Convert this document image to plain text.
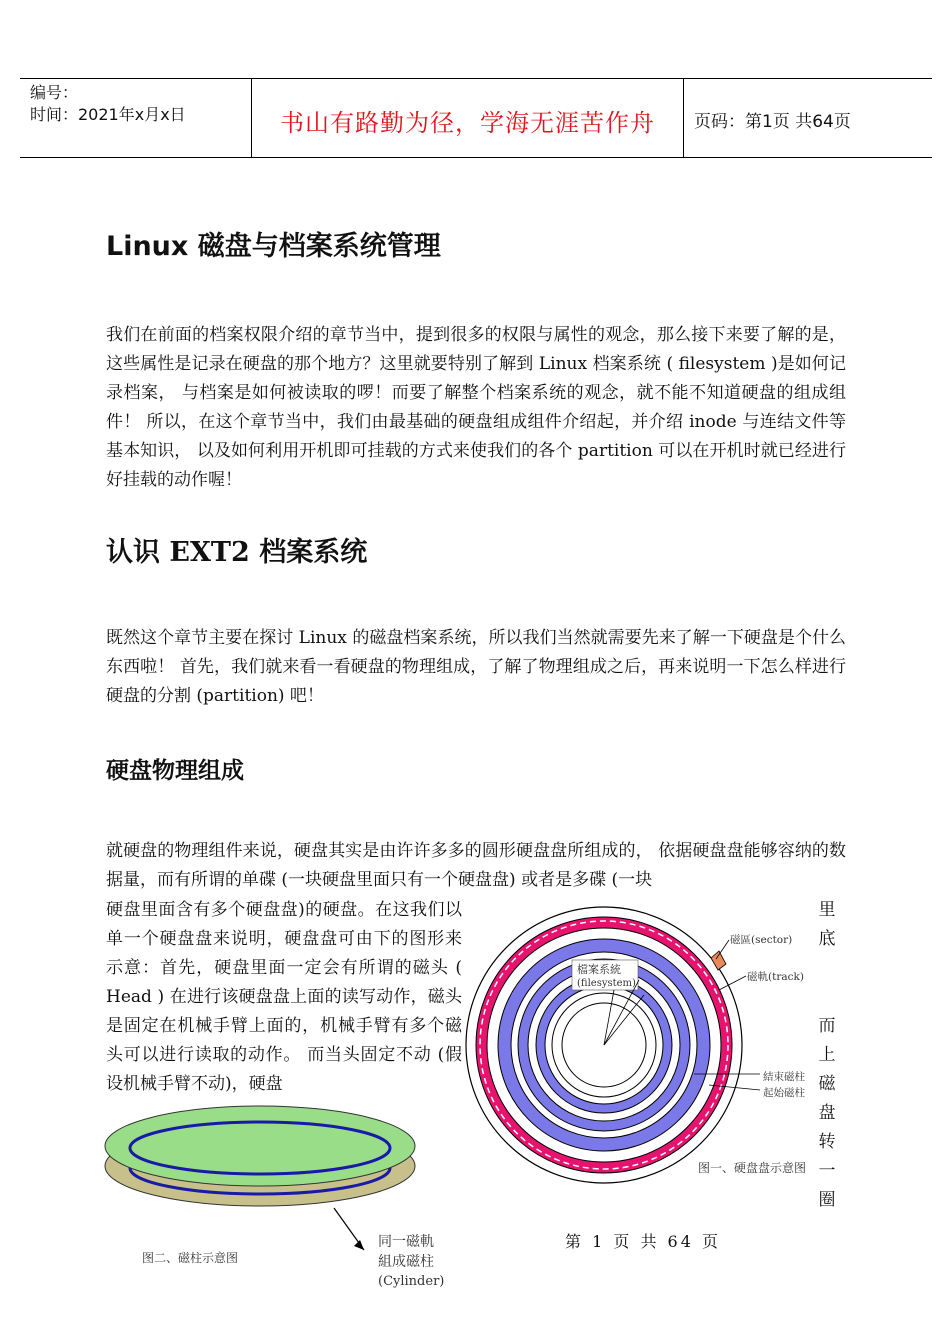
编号：
时间：2021年x月x日	书山有路勤为径，学海无涯苦作舟	页码：第1页 共64页
Linux 磁盘与档案系统管理
我们在前面的档案权限介绍的章节当中，提到很多的权限与属性的观念，那么接下来要了解的是， 这些属性是记录在硬盘的那个地方？这里就要特别了解到 Linux 档案系统 ( filesystem )是如何记录档案， 与档案是如何被读取的啰！而要了解整个档案系统的观念，就不能不知道硬盘的组成组件！ 所以，在这个章节当中，我们由最基础的硬盘组成组件介绍起，并介绍 inode 与连结文件等基本知识， 以及如何利用开机即可挂载的方式来使我们的各个 partition 可以在开机时就已经进行好挂载的动作喔！
认识 EXT2 档案系统
既然这个章节主要在探讨 Linux 的磁盘档案系统，所以我们当然就需要先来了解一下硬盘是个什么东西啦！ 首先，我们就来看一看硬盘的物理组成，了解了物理组成之后，再来说明一下怎么样进行硬盘的分割 (partition) 吧！
硬盘物理组成
就硬盘的物理组件来说，硬盘其实是由许许多多的圆形硬盘盘所组成的， 依据硬盘盘能够容纳的数据量，而有所谓的单碟 (一块硬盘里面只有一个硬盘盘) 或者是多碟 (一块
硬盘里面含有多个硬盘盘)的硬盘。在这我们以单一个硬盘盘来说明，硬盘盘可由下的图形来示意：首先，硬盘里面一定会有所谓的磁头 ( Head ) 在进行该硬盘盘上面的读写动作，磁头是固定在机械手臂上面的，机械手臂有多个磁头可以进行读取的动作。 而当头固定不动 (假设机械手臂不动)，硬盘
里
底

而
上
磁
盘
转
一
圈
檔案系統
(filesystem)
磁區(sector)
磁軌(track)
結束磁柱
起始磁柱
图一、硬盘盘示意图
同一磁軌
組成磁柱
(Cylinder)
图二、磁柱示意图
第 1 页 共 64 页
